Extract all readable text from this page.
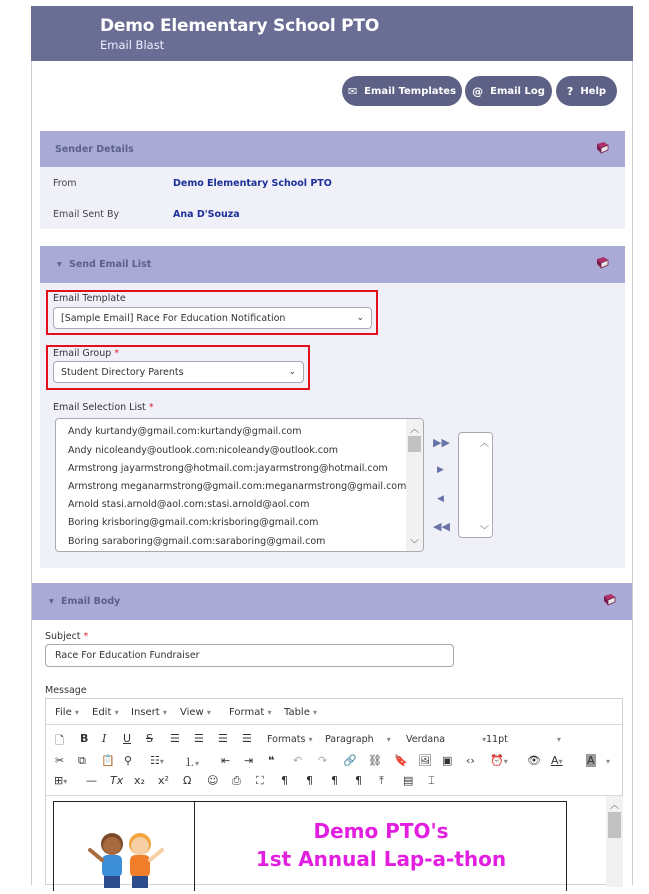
Demo Elementary School PTO
Email Blast
✉ Email Templates @ Email Log ? Help
Sender Details
From	Demo Elementary School PTO
Email Sent By	Ana D'Souza
▾ Send Email List
Email Template
[Sample Email] Race For Education Notification	⌄
Email Group *
Student Directory Parents	⌄
Email Selection List *
Andy kurtandy@gmail.com:kurtandy@gmail.com
Andy nicoleandy@outlook.com:nicoleandy@outlook.com
Armstrong jayarmstrong@hotmail.com:jayarmstrong@hotmail.com
Armstrong meganarmstrong@gmail.com:meganarmstrong@gmail.com
Arnold stasi.arnold@aol.com:stasi.arnold@aol.com
Boring krisboring@gmail.com:krisboring@gmail.com
Boring saraboring@gmail.com:saraboring@gmail.com
︿
﹀
▶▶
▶
◀
◀◀
︿
﹀
▾ Email Body
Subject *
Race For Education Fundraiser
Message
File ▾ Edit ▾ Insert ▾ View ▾ Format ▾ Table ▾
🗋 B I U S ☰ ☰ ☰ ☰ Formats ▾ Paragraph ▾ Verdana	▾ 11pt	▾
✂ ⧉ 📋 ⚲ ☷▾ ⒈▾ ⇤ ⇥ ❝ ↶ ↷ 🔗 ⛓ 🔖 🖼 ▣ ‹› ⏰▾ 👁 A▾ A ▾
⊞▾ — Tx x₂ x² Ω ☺ ⎙ ⛶ ¶ ¶ ¶ ¶ ⤒ ▤ ⌶
Demo PTO's
1st Annual Lap-a-thon
︿
